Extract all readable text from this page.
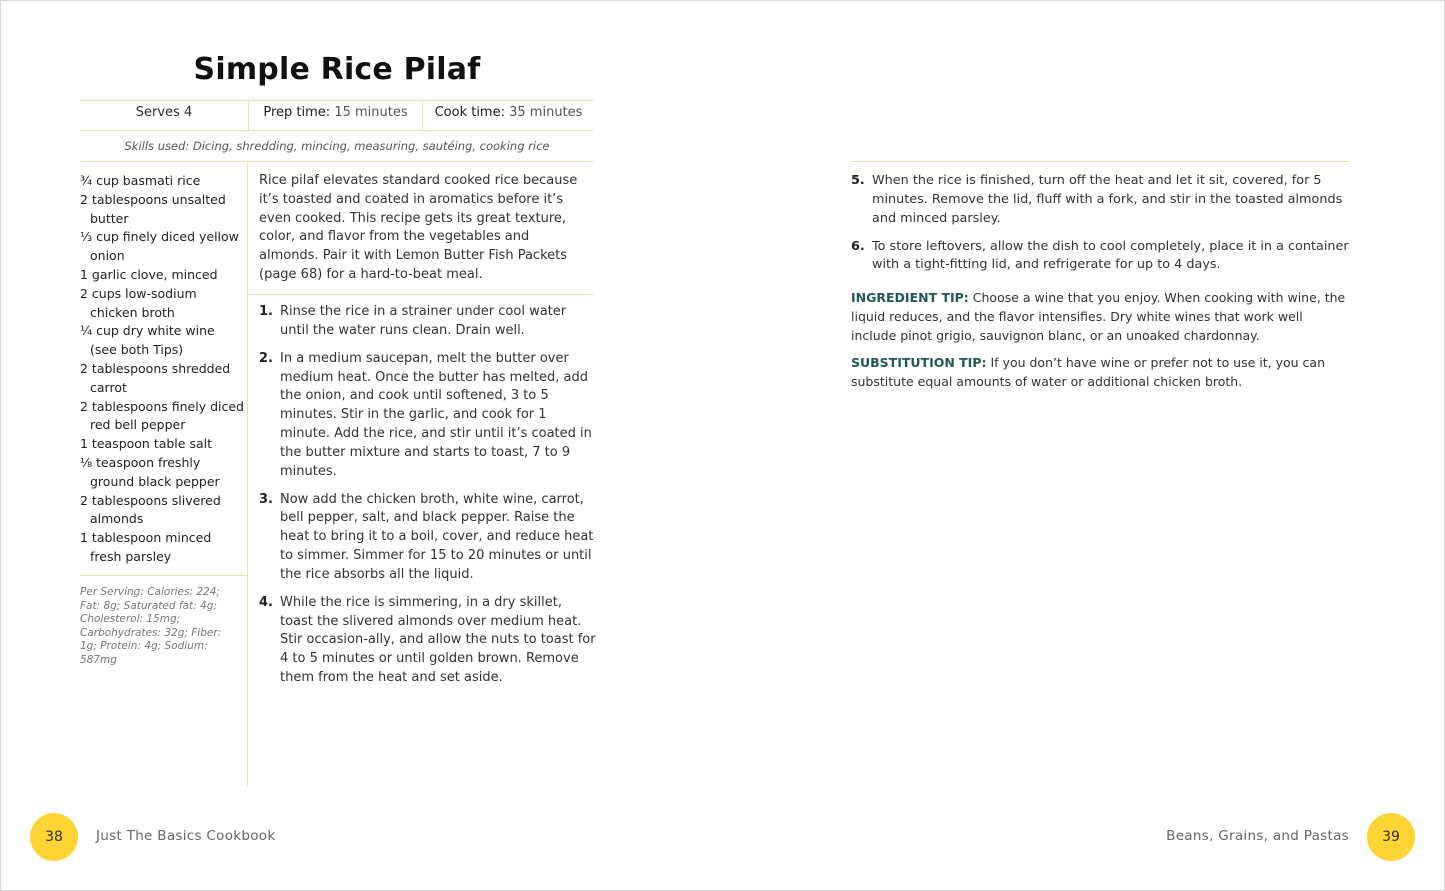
Simple Rice Pilaf
Serves 4	Prep time: 15 minutes	Cook time: 35 minutes
Skills used: Dicing, shredding, mincing, measuring, sautéing, cooking rice
¾ cup basmati rice
2 tablespoons unsalted butter
⅓ cup finely diced yellow onion
1 garlic clove, minced
2 cups low-sodium chicken broth
¼ cup dry white wine (see both Tips)
2 tablespoons shredded carrot
2 tablespoons finely diced red bell pepper
1 teaspoon table salt
⅛ teaspoon freshly ground black pepper
2 tablespoons slivered almonds
1 tablespoon minced fresh parsley
Per Serving: Calories: 224; Fat: 8g; Saturated fat: 4g; Cholesterol: 15mg; Carbohydrates: 32g; Fiber: 1g; Protein: 4g; Sodium: 587mg
Rice pilaf elevates standard cooked rice because it’s toasted and coated in aromatics before it’s even cooked. This recipe gets its great texture, color, and flavor from the vegetables and almonds. Pair it with Lemon Butter Fish Packets (page 68) for a hard-to-beat meal.
1. Rinse the rice in a strainer under cool water until the water runs clean. Drain well.
2. In a medium saucepan, melt the butter over medium heat. Once the butter has melted, add the onion, and cook until softened, 3 to 5 minutes. Stir in the garlic, and cook for 1 minute. Add the rice, and stir until it’s coated in the butter mixture and starts to toast, 7 to 9 minutes.
3. Now add the chicken broth, white wine, carrot, bell pepper, salt, and black pepper. Raise the heat to bring it to a boil, cover, and reduce heat to simmer. Simmer for 15 to 20 minutes or until the rice absorbs all the liquid.
4. While the rice is simmering, in a dry skillet, toast the slivered almonds over medium heat. Stir occasion-ally, and allow the nuts to toast for 4 to 5 minutes or until golden brown. Remove them from the heat and set aside.
38	Just The Basics Cookbook
5. When the rice is finished, turn off the heat and let it sit, covered, for 5 minutes. Remove the lid, fluff with a fork, and stir in the toasted almonds and minced parsley.
6. To store leftovers, allow the dish to cool completely, place it in a container with a tight-fitting lid, and refrigerate for up to 4 days.
INGREDIENT TIP: Choose a wine that you enjoy. When cooking with wine, the liquid reduces, and the flavor intensifies. Dry white wines that work well include pinot grigio, sauvignon blanc, or an unoaked chardonnay.
SUBSTITUTION TIP: If you don’t have wine or prefer not to use it, you can substitute equal amounts of water or additional chicken broth.
Beans, Grains, and Pastas	39
